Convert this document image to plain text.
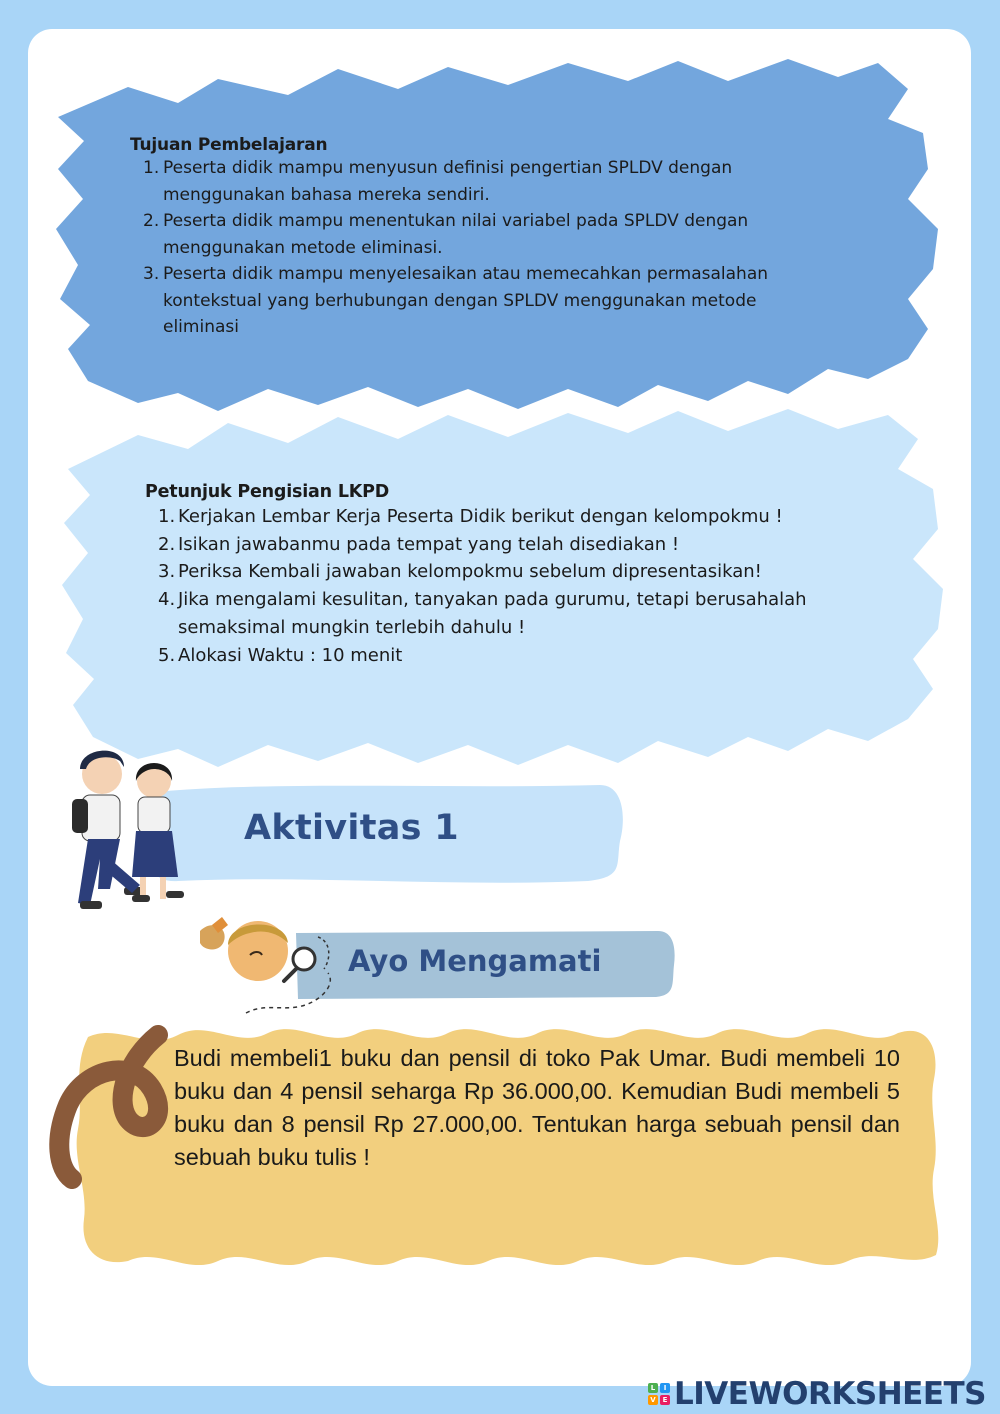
Tujuan Pembelajaran
1. Peserta didik mampu menyusun definisi pengertian SPLDV dengan menggunakan bahasa mereka sendiri.
2. Peserta didik mampu menentukan nilai variabel pada SPLDV dengan menggunakan metode eliminasi.
3. Peserta didik mampu menyelesaikan atau memecahkan permasalahan kontekstual yang berhubungan dengan SPLDV menggunakan metode eliminasi
Petunjuk Pengisian LKPD
1. Kerjakan Lembar Kerja Peserta Didik berikut dengan kelompokmu !
2. Isikan jawabanmu pada tempat yang telah disediakan !
3. Periksa Kembali jawaban kelompokmu sebelum dipresentasikan!
4. Jika mengalami kesulitan, tanyakan pada gurumu, tetapi berusahalah semaksimal mungkin terlebih dahulu !
5. Alokasi Waktu : 10 menit
Aktivitas 1
Ayo Mengamati

Budi membeli1 buku dan pensil di toko Pak Umar. Budi membeli 10 buku dan 4 pensil seharga Rp 36.000,00. Kemudian Budi membeli 5 buku dan 8 pensil Rp 27.000,00. Tentukan harga sebuah pensil dan sebuah buku tulis !

L	I
V E LIVEWORKSHEETS
